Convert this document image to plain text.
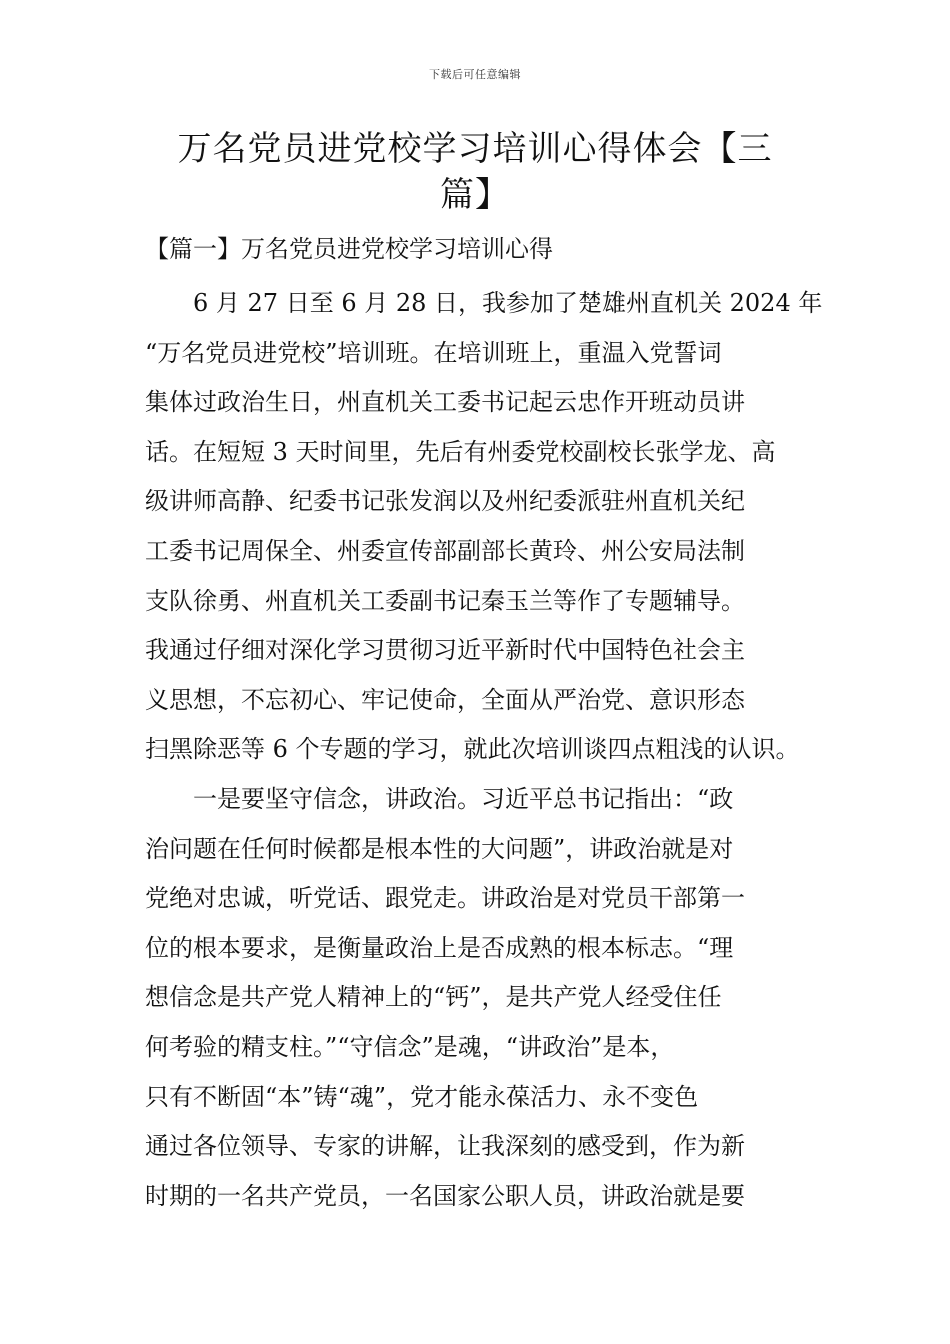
下载后可任意编辑
万名党员进党校学习培训心得体会【三
篇】
【篇一】万名党员进党校学习培训心得
6 月 27 日至 6 月 28 日，我参加了楚雄州直机关 2024 年
“万名党员进党校”培训班。在培训班上，重温入党誓词
集体过政治生日，州直机关工委书记起云忠作开班动员讲
话。在短短 3 天时间里，先后有州委党校副校长张学龙、高
级讲师高静、纪委书记张发润以及州纪委派驻州直机关纪
工委书记周保全、州委宣传部副部长黄玲、州公安局法制
支队徐勇、州直机关工委副书记秦玉兰等作了专题辅导。
我通过仔细对深化学习贯彻习近平新时代中国特色社会主
义思想，不忘初心、牢记使命，全面从严治党、意识形态
扫黑除恶等 6 个专题的学习，就此次培训谈四点粗浅的认识。
一是要坚守信念，讲政治。习近平总书记指出：“政
治问题在任何时候都是根本性的大问题”，讲政治就是对
党绝对忠诚，听党话、跟党走。讲政治是对党员干部第一
位的根本要求，是衡量政治上是否成熟的根本标志。“理
想信念是共产党人精神上的“钙”，是共产党人经受住任
何考验的精支柱。”“守信念”是魂，“讲政治”是本，
只有不断固“本”铸“魂”，党才能永葆活力、永不变色
通过各位领导、专家的讲解，让我深刻的感受到，作为新
时期的一名共产党员，一名国家公职人员，讲政治就是要
